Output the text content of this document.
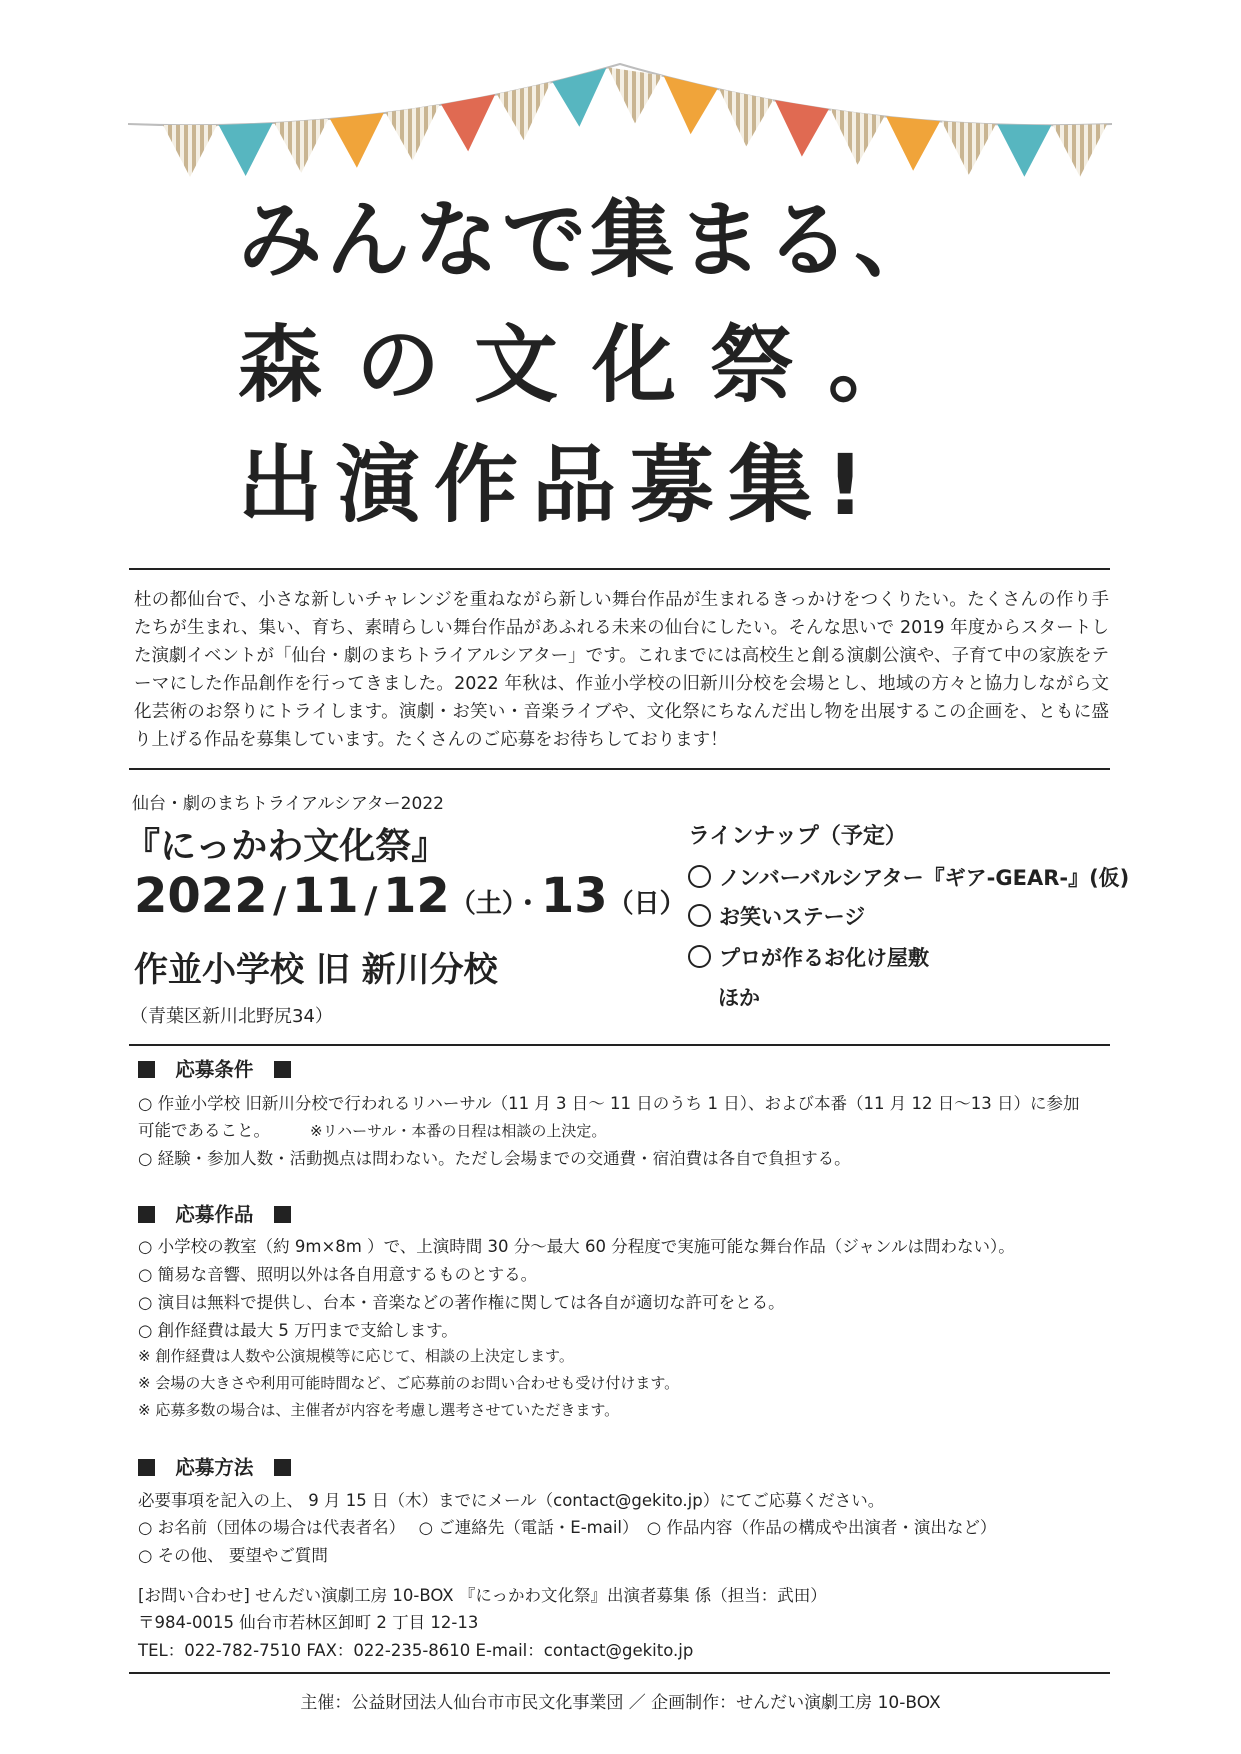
みんなで集まる、
森の文化祭。
出演作品募集!
杜の都仙台で、小さな新しいチャレンジを重ねながら新しい舞台作品が生まれるきっかけをつくりたい。たくさんの作り手たちが生まれ、集い、育ち、素晴らしい舞台作品があふれる未来の仙台にしたい。そんな思いで 2019 年度からスタートした演劇イベントが「仙台・劇のまちトライアルシアター」です。これまでには高校生と創る演劇公演や、子育て中の家族をテーマにした作品創作を行ってきました。2022 年秋は、作並小学校の旧新川分校を会場とし、地域の方々と協力しながら文化芸術のお祭りにトライします。演劇・お笑い・音楽ライブや、文化祭にちなんだ出し物を出展するこの企画を、ともに盛り上げる作品を募集しています。たくさんのご応募をお待ちしております！
仙台・劇のまちトライアルシアター2022
『にっかわ文化祭』
2022 / 11 / 12（土）・13（日）
作並小学校 旧 新川分校
（青葉区新川北野尻34）
ラインナップ（予定）
ノンバーバルシアター『ギア-GEAR-』(仮)
お笑いステージ
プロが作るお化け屋敷
ほか
応募条件
○ 作並小学校 旧新川分校で行われるリハーサル（11 月 3 日～ 11 日のうち 1 日）、および本番（11 月 12 日～13 日）に参加
可能であること。	※リハーサル・本番の日程は相談の上決定。
○ 経験・参加人数・活動拠点は問わない。ただし会場までの交通費・宿泊費は各自で負担する。
応募作品
○ 小学校の教室（約 9m×8m ）で、上演時間 30 分～最大 60 分程度で実施可能な舞台作品（ジャンルは問わない）。
○ 簡易な音響、照明以外は各自用意するものとする。
○ 演目は無料で提供し、台本・音楽などの著作権に関しては各自が適切な許可をとる。
○ 創作経費は最大 5 万円まで支給します。
※ 創作経費は人数や公演規模等に応じて、相談の上決定します。
※ 会場の大きさや利用可能時間など、ご応募前のお問い合わせも受け付けます。
※ 応募多数の場合は、主催者が内容を考慮し選考させていただきます。
応募方法
必要事項を記入の上、 9 月 15 日（木）までにメール（contact@gekito.jp）にてご応募ください。
○ お名前（団体の場合は代表者名）　 ○ ご連絡先（電話・E-mail）　○ 作品内容（作品の構成や出演者・演出など）
○ その他、 要望やご質問
[お問い合わせ] せんだい演劇工房 10-BOX 『にっかわ文化祭』出演者募集 係（担当：武田）
〒984-0015 仙台市若林区卸町 2 丁目 12-13
TEL：022-782-7510 FAX：022-235-8610 E-mail：contact@gekito.jp
主催：公益財団法人仙台市市民文化事業団 ／ 企画制作：せんだい演劇工房 10-BOX
